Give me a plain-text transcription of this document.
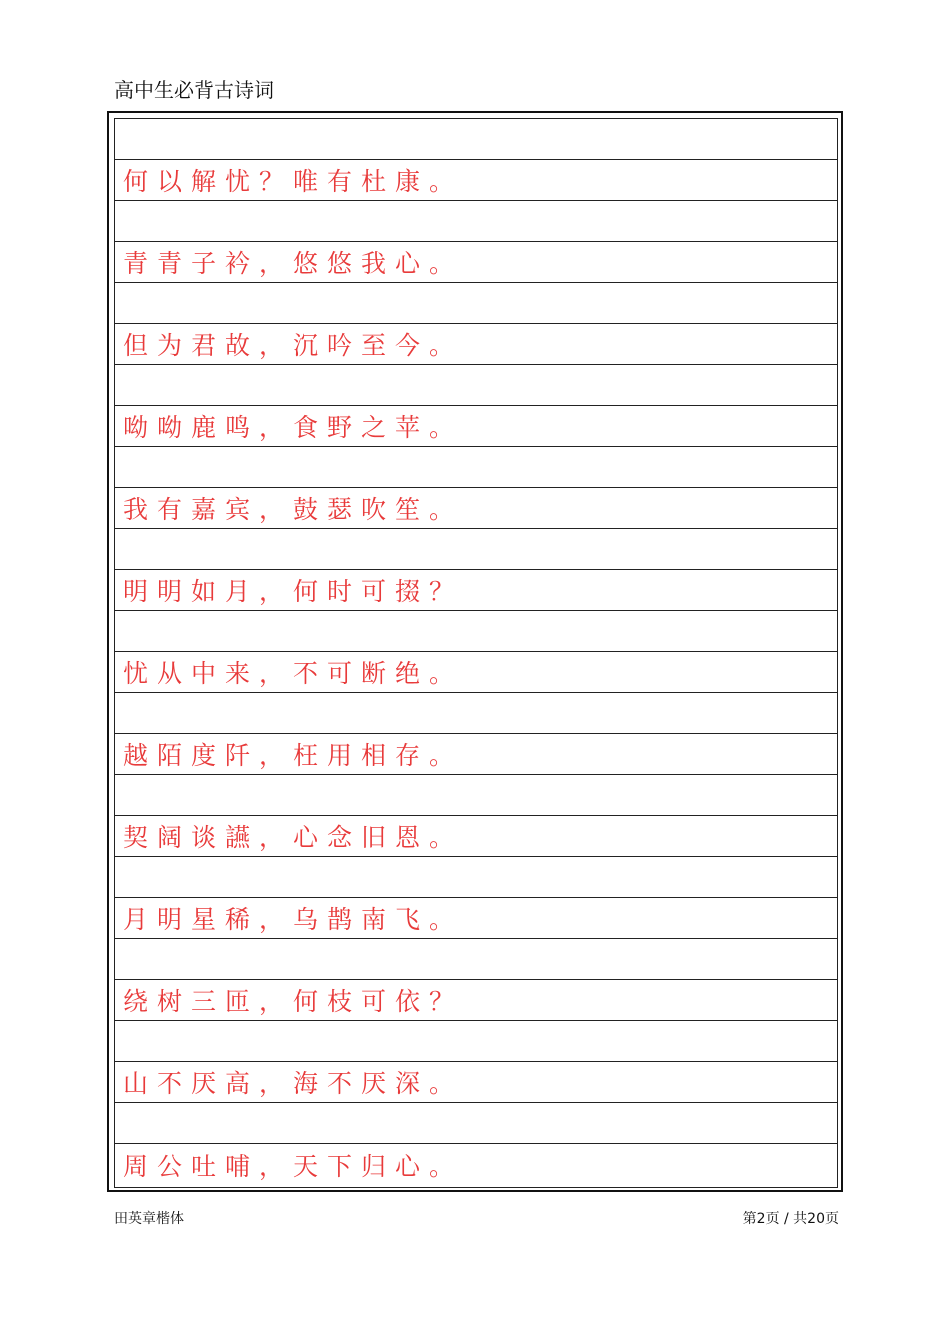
高中生必背古诗词
何以解忧？唯有杜康。
青青子衿，悠悠我心。
但为君故，沉吟至今。
呦呦鹿鸣，食野之苹。
我有嘉宾，鼓瑟吹笙。
明明如月，何时可掇？
忧从中来，不可断绝。
越陌度阡，枉用相存。
契阔谈讌，心念旧恩。
月明星稀，乌鹊南飞。
绕树三匝，何枝可依？
山不厌高，海不厌深。
周公吐哺，天下归心。
田英章楷体	第2页 / 共20页
